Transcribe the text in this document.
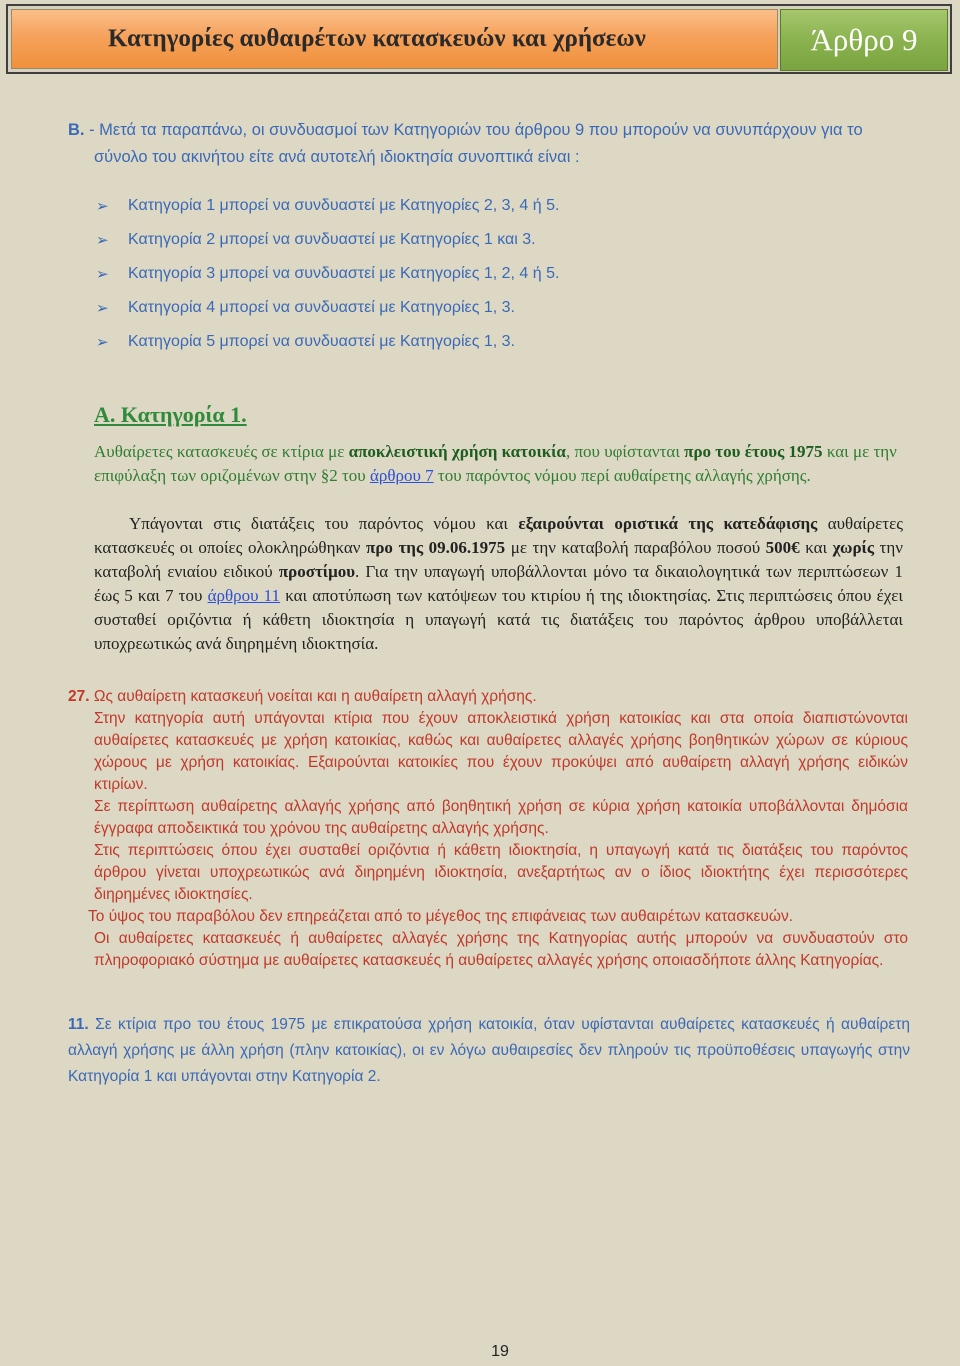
Κατηγορίες αυθαιρέτων κατασκευών και χρήσεων	Άρθρο 9
Β. - Μετά τα παραπάνω, οι συνδυασμοί των Κατηγοριών του άρθρου 9 που μπορούν να συνυπάρχουν για το
σύνολο του ακινήτου είτε ανά αυτοτελή ιδιοκτησία συνοπτικά είναι :
➢	Κατηγορία 1 μπορεί να συνδυαστεί με Κατηγορίες 2, 3, 4 ή 5.
➢	Κατηγορία 2 μπορεί να συνδυαστεί με Κατηγορίες 1 και 3.
➢	Κατηγορία 3 μπορεί να συνδυαστεί με Κατηγορίες 1, 2, 4 ή 5.
➢	Κατηγορία 4 μπορεί να συνδυαστεί με Κατηγορίες 1, 3.
➢	Κατηγορία 5 μπορεί να συνδυαστεί με Κατηγορίες 1, 3.
Α. Κατηγορία 1.
Αυθαίρετες κατασκευές σε κτίρια με αποκλειστική χρήση κατοικία, που υφίστανται προ του έτους 1975 και με την επιφύλαξη των οριζομένων στην §2 του άρθρου 7 του παρόντος νόμου περί αυθαίρετης αλλαγής χρήσης.
Υπάγονται στις διατάξεις του παρόντος νόμου και εξαιρούνται οριστικά της κατεδάφισης αυθαίρετες κατασκευές οι οποίες ολοκληρώθηκαν προ της 09.06.1975 με την καταβολή παραβόλου ποσού 500€ και χωρίς την καταβολή ενιαίου ειδικού προστίμου. Για την υπαγωγή υποβάλλονται μόνο τα δικαιολογητικά των περιπτώσεων 1 έως 5 και 7 του άρθρου 11 και αποτύπωση των κατόψεων του κτιρίου ή της ιδιοκτησίας. Στις περιπτώσεις όπου έχει συσταθεί οριζόντια ή κάθετη ιδιοκτησία η υπαγωγή κατά τις διατάξεις του παρόντος άρθρου υποβάλλεται υποχρεωτικώς ανά διηρημένη ιδιοκτησία.

27. Ως αυθαίρετη κατασκευή νοείται και η αυθαίρετη αλλαγή χρήσης.

Στην κατηγορία αυτή υπάγονται κτίρια που έχουν αποκλειστικά χρήση κατοικίας και στα οποία διαπιστώνονται αυθαίρετες κατασκευές με χρήση κατοικίας, καθώς και αυθαίρετες αλλαγές χρήσης βοηθητικών χώρων σε κύριους χώρους με χρήση κατοικίας. Εξαιρούνται κατοικίες που έχουν προκύψει από αυθαίρετη αλλαγή χρήσης ειδικών κτιρίων.

Σε περίπτωση αυθαίρετης αλλαγής χρήσης από βοηθητική χρήση σε κύρια χρήση κατοικία υποβάλλονται δημόσια έγγραφα αποδεικτικά του χρόνου της αυθαίρετης αλλαγής χρήσης.

Στις περιπτώσεις όπου έχει συσταθεί οριζόντια ή κάθετη ιδιοκτησία, η υπαγωγή κατά τις διατάξεις του παρόντος άρθρου γίνεται υποχρεωτικώς ανά διηρημένη ιδιοκτησία, ανεξαρτήτως αν ο ίδιος ιδιοκτήτης έχει περισσότερες διηρημένες ιδιοκτησίες.

Το ύψος του παραβόλου δεν επηρεάζεται από το μέγεθος της επιφάνειας των αυθαιρέτων κατασκευών.

Οι αυθαίρετες κατασκευές ή αυθαίρετες αλλαγές χρήσης της Κατηγορίας αυτής μπορούν να συνδυαστούν στο πληροφοριακό σύστημα με αυθαίρετες κατασκευές ή αυθαίρετες αλλαγές χρήσης οποιασδήποτε άλλης Κατηγορίας.

11. Σε κτίρια προ του έτους 1975 με επικρατούσα χρήση κατοικία, όταν υφίστανται αυθαίρετες κατασκευές ή αυθαίρετη αλλαγή χρήσης με άλλη χρήση (πλην κατοικίας), οι εν λόγω αυθαιρεσίες δεν πληρούν τις προϋποθέσεις υπαγωγής στην Κατηγορία 1 και υπάγονται στην Κατηγορία 2.
19
